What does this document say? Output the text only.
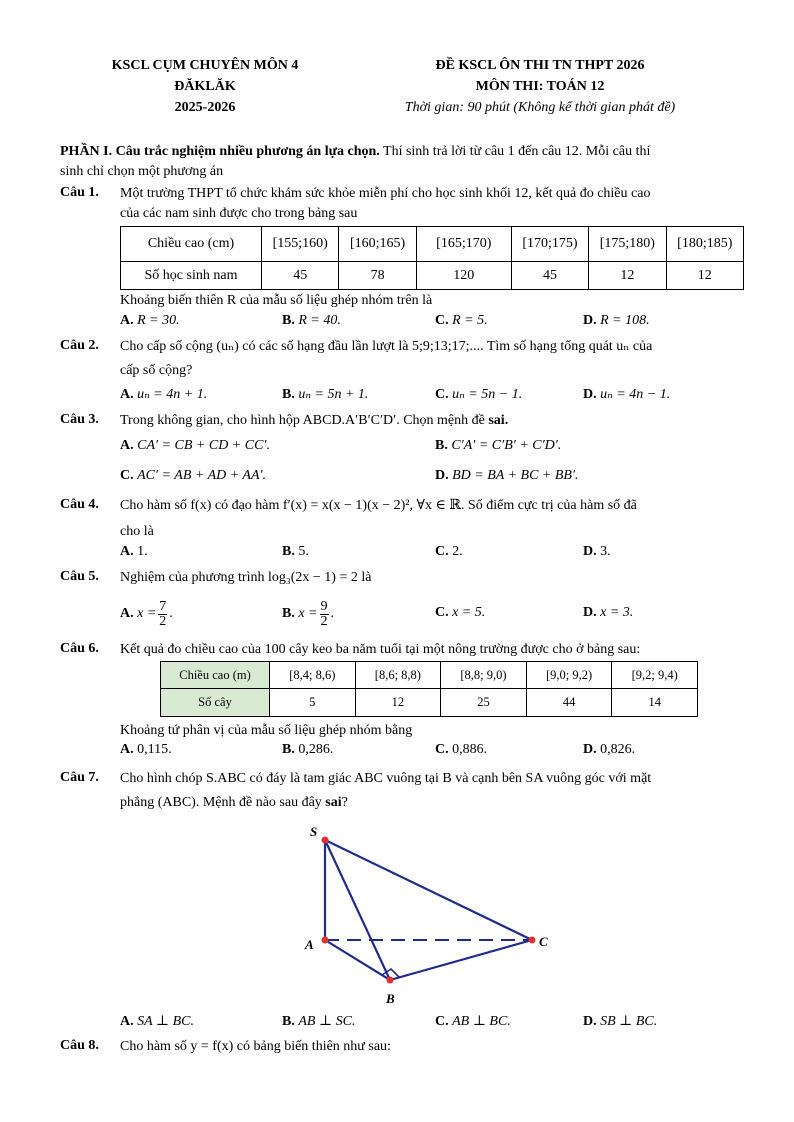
KSCL CỤM CHUYÊN MÔN 4
ĐĂKLĂK
2025-2026
ĐỀ KSCL ÔN THI TN THPT 2026
MÔN THI: TOÁN 12
Thời gian: 90 phút (Không kể thời gian phát đề)
PHẦN I. Câu trắc nghiệm nhiều phương án lựa chọn. Thí sinh trả lời từ câu 1 đến câu 12. Mỗi câu thí
sinh chỉ chọn một phương án
Câu 1. Một trường THPT tổ chức khám sức khỏe miễn phí cho học sinh khối 12, kết quả đo chiều cao
của các nam sinh được cho trong bảng sau
Chiều cao (cm)	[155;160)	[160;165)	[165;170)	[170;175)	[175;180)	[180;185)
Số học sinh nam	45	78	120	45	12	12
Khoảng biến thiên R của mẫu số liệu ghép nhóm trên là
A. R = 30.	B. R = 40.	C. R = 5.	D. R = 108.
Câu 2. Cho cấp số cộng (uₙ) có các số hạng đầu lần lượt là 5;9;13;17;.... Tìm số hạng tổng quát uₙ của
cấp số cộng?
A. uₙ = 4n + 1.	B. uₙ = 5n + 1.	C. uₙ = 5n − 1.	D. uₙ = 4n − 1.
Câu 3. Trong không gian, cho hình hộp ABCD.A′B′C′D′. Chọn mệnh đề sai.
A. CA′ = CB + CD + CC′.	B. C′A′ = C′B′ + C′D′.
C. AC′ = AB + AD + AA′.	D. BD = BA + BC + BB′.
Câu 4. Cho hàm số f(x) có đạo hàm f′(x) = x(x − 1)(x − 2)², ∀x ∈ ℝ. Số điểm cực trị của hàm số đã
cho là
A. 1.	B. 5.	C. 2.	D. 3.
Câu 5. Nghiệm của phương trình log₃(2x − 1) = 2 là
A.
$x = \frac{7}{2}$ .	B.
$x = \frac{9}{2}$ .	C. x = 5.	D. x = 3.
Câu 6. Kết quả đo chiều cao của 100 cây keo ba năm tuổi tại một nông trường được cho ở bảng sau:
Chiều cao (m)	[8,4; 8,6)	[8,6; 8,8)	[8,8; 9,0)	[9,0; 9,2)	[9,2; 9,4)
Số cây	5	12	25	44	14
Khoảng tứ phân vị của mẫu số liệu ghép nhóm bằng
A. 0,115.	B. 0,286.	C. 0,886.	D. 0,826.
Câu 7. Cho hình chóp S.ABC có đáy là tam giác ABC vuông tại B và cạnh bên SA vuông góc với mặt
phẳng (ABC). Mệnh đề nào sau đây sai?
S
A
B
C
A. SA ⊥ BC.	B. AB ⊥ SC.	C. AB ⊥ BC.	D. SB ⊥ BC.
Câu 8. Cho hàm số y = f(x) có bảng biến thiên như sau:
